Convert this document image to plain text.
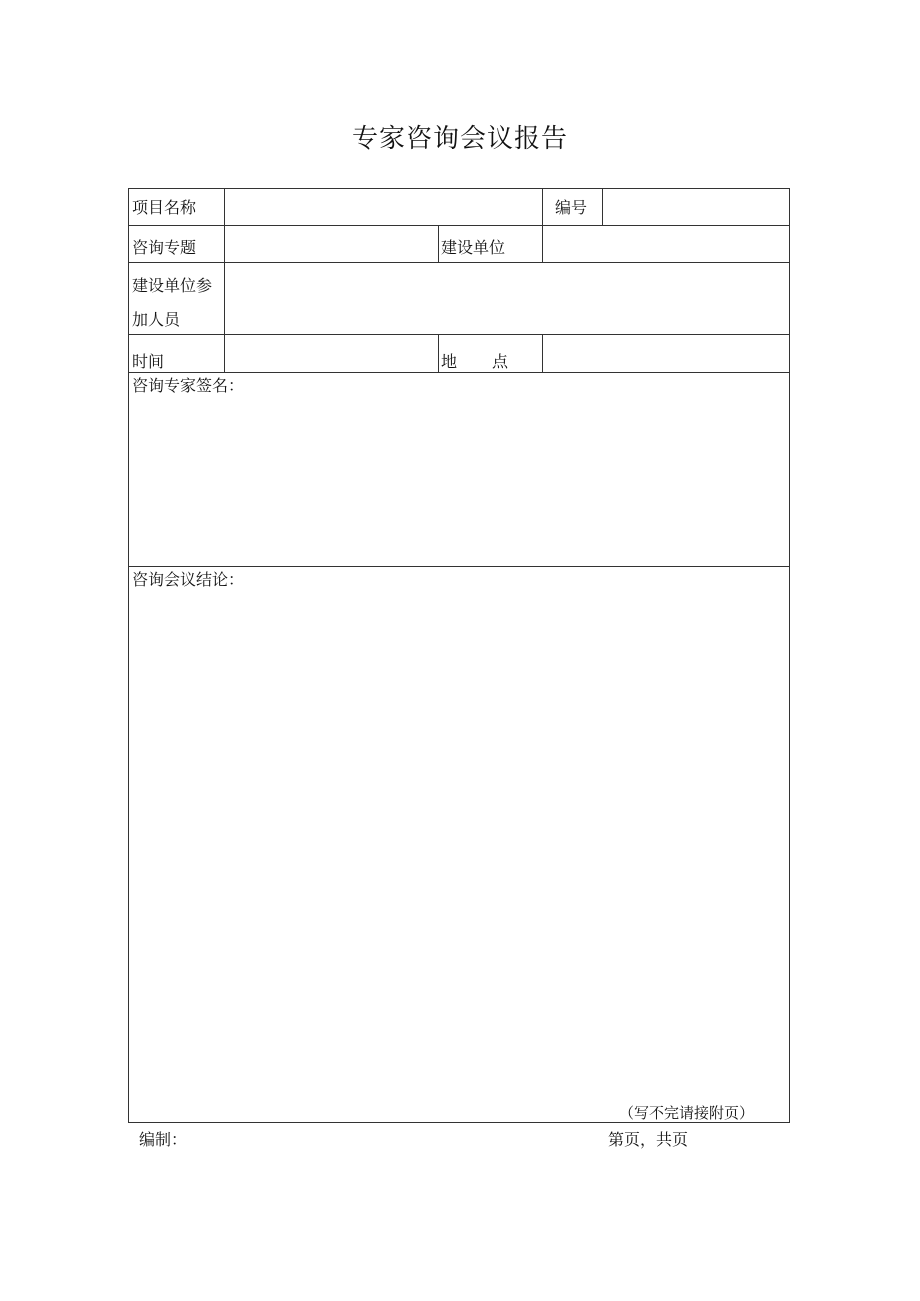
专家咨询会议报告
项目名称	编号
咨询专题	建设单位
建设单位参
加人员
时间	地　　点
咨询专家签名：
咨询会议结论：
（写不完请接附页）
编制：	第页，共页
